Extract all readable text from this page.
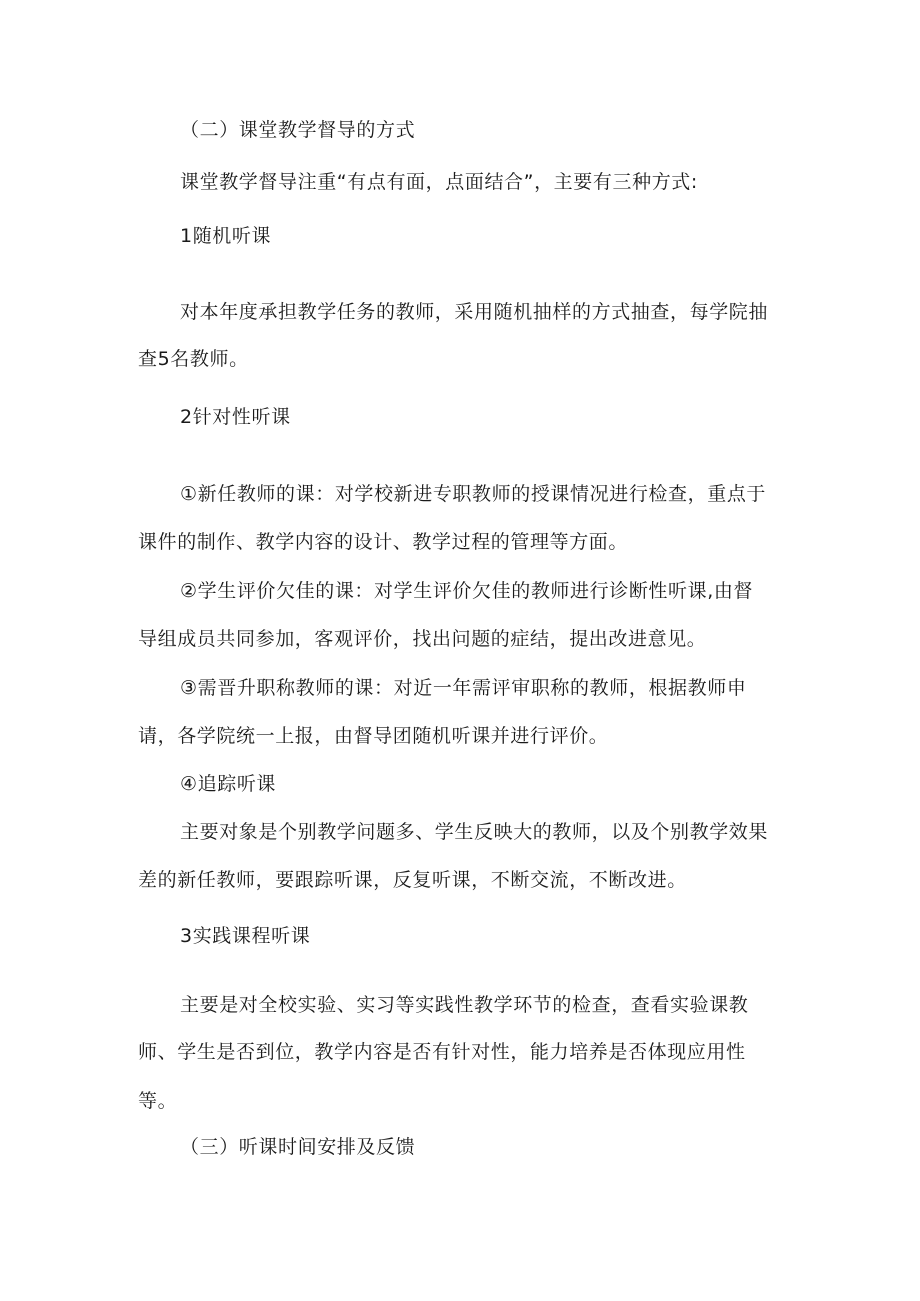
（二）课堂教学督导的方式
课堂教学督导注重“有点有面，点面结合”，主要有三种方式:
1随机听课
对本年度承担教学任务的教师，采用随机抽样的方式抽查，每学院抽
查5名教师。
2针对性听课
①新任教师的课：对学校新进专职教师的授课情况进行检查，重点于
课件的制作、教学内容的设计、教学过程的管理等方面。
②学生评价欠佳的课：对学生评价欠佳的教师进行诊断性听课,由督
导组成员共同参加，客观评价，找出问题的症结，提出改进意见。
③需晋升职称教师的课：对近一年需评审职称的教师，根据教师申
请，各学院统一上报，由督导团随机听课并进行评价。
④追踪听课
主要对象是个别教学问题多、学生反映大的教师，以及个别教学效果
差的新任教师，要跟踪听课，反复听课，不断交流，不断改进。
3实践课程听课
主要是对全校实验、实习等实践性教学环节的检查，查看实验课教
师、学生是否到位，教学内容是否有针对性，能力培养是否体现应用性
等。
（三）听课时间安排及反馈
